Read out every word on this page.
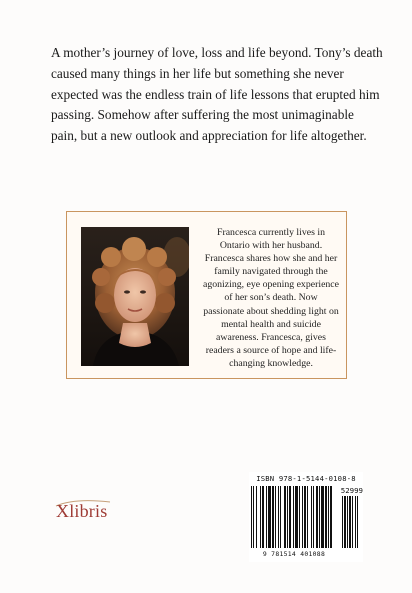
A mother’s journey of love, loss and life beyond. Tony’s death caused many things in her life but something she never expected was the endless train of life lessons that erupted him passing. Somehow after suffering the most unimaginable pain, but a new outlook and appreciation for life altogether.

Francesca currently lives in Ontario with her husband. Francesca shares how she and her family navigated through the agonizing, eye opening experience of her son’s death. Now passionate about shedding light on mental health and suicide awareness. Francesca, gives readers a source of hope and life-changing knowledge.

Xlibris
ISBN 978-1-5144-0108-8
52999
9 781514 401088
